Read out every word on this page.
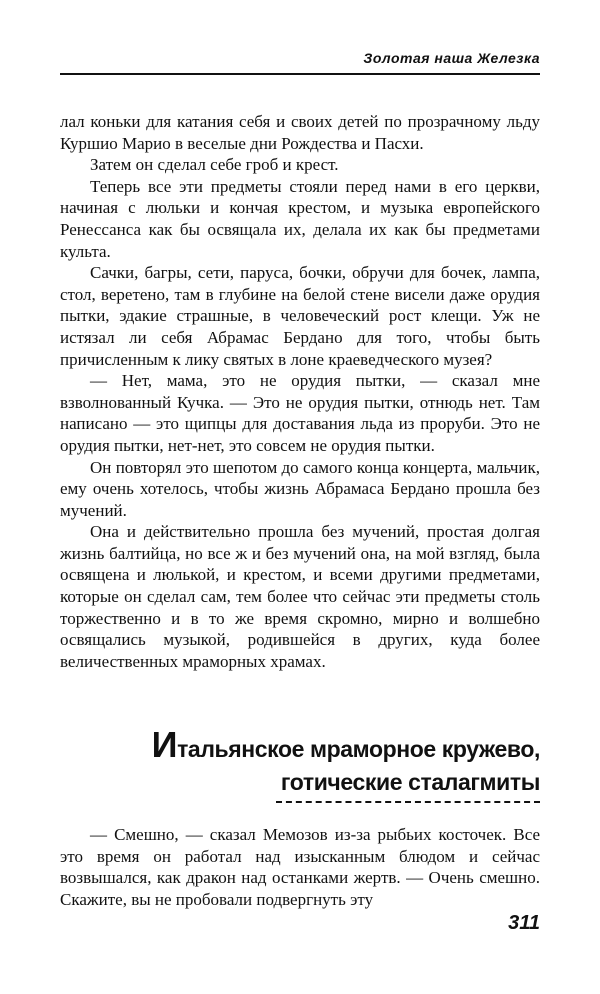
Золотая наша Железка

лал коньки для катания себя и своих детей по прозрачному льду Куршио Марио в веселые дни Рождества и Пасхи.

Затем он сделал себе гроб и крест.

Теперь все эти предметы стояли перед нами в его церкви, начиная с люльки и кончая крестом, и музыка европейского Ренессанса как бы освящала их, делала их как бы предметами культа.

Сачки, багры, сети, паруса, бочки, обручи для бочек, лампа, стол, веретено, там в глубине на белой стене висели даже орудия пытки, эдакие страшные, в человеческий рост клещи. Уж не истязал ли себя Абрамас Бердано для того, чтобы быть причисленным к лику святых в лоне краеведческого музея?

— Нет, мама, это не орудия пытки, — сказал мне взволнованный Кучка. — Это не орудия пытки, отнюдь нет. Там написано — это щипцы для доставания льда из проруби. Это не орудия пытки, нет-нет, это совсем не орудия пытки.

Он повторял это шепотом до самого конца концерта, мальчик, ему очень хотелось, чтобы жизнь Абрамаса Бердано прошла без мучений.

Она и действительно прошла без мучений, простая долгая жизнь балтийца, но все ж и без мучений она, на мой взгляд, была освящена и люлькой, и крестом, и всеми другими предметами, которые он сделал сам, тем более что сейчас эти предметы столь торжественно и в то же время скромно, мирно и волшебно освящались музыкой, родившейся в других, куда более величественных мраморных храмах.

Итальянское мраморное кружево,
готические сталагмиты

— Смешно, — сказал Мемозов из-за рыбьих косточек. Все это время он работал над изысканным блюдом и сейчас возвышался, как дракон над останками жертв. — Очень смешно. Скажите, вы не пробовали подвергнуть эту

311
